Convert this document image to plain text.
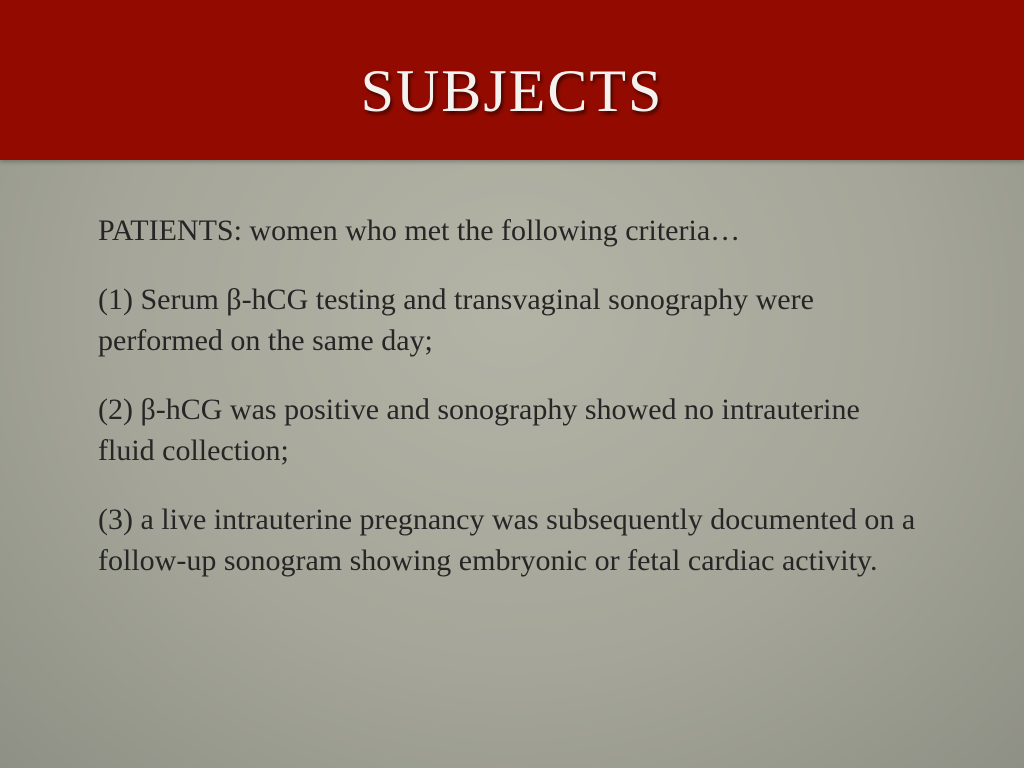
subjects

PATIENTS: women who met the following criteria…

(1) Serum β-hCG testing and transvaginal sonography were performed on the same day;

(2) β-hCG was positive and sonography showed no intrauterine fluid collection;

(3) a live intrauterine pregnancy was subsequently documented on a follow-up sonogram showing embryonic or fetal cardiac activity.
